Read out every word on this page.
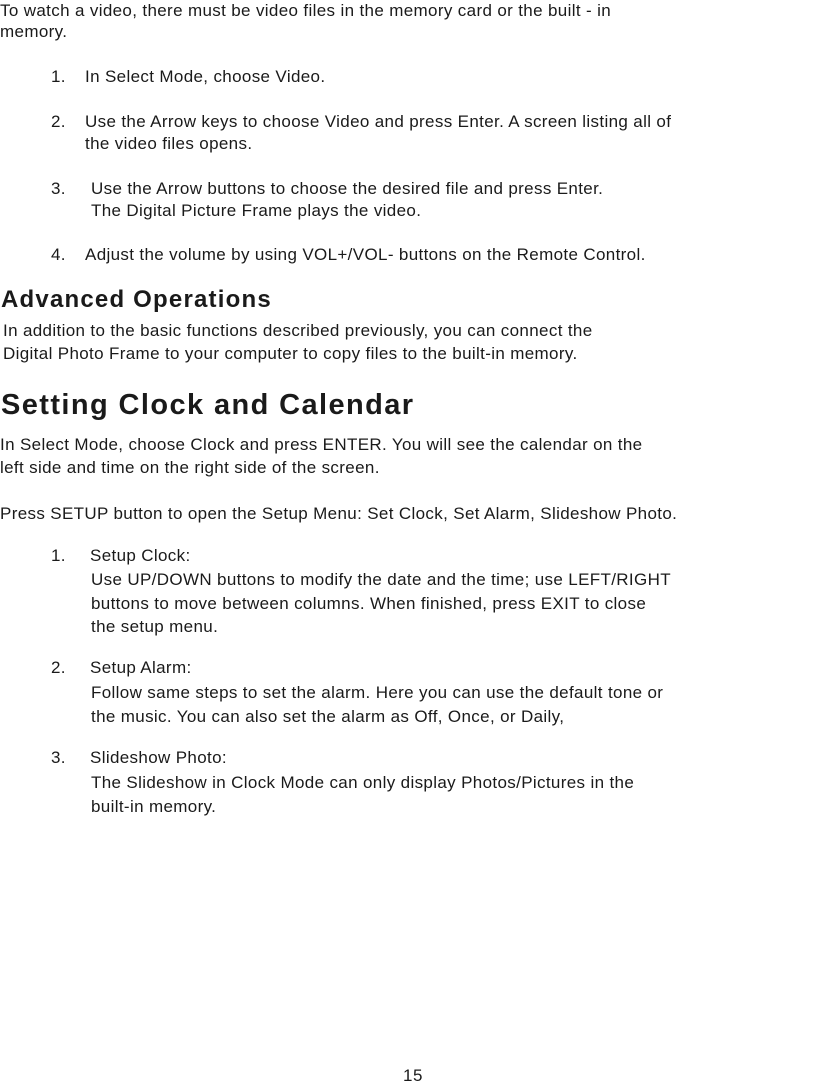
To watch a video, there must be video files in the memory card or the built - in
memory.
1. In Select Mode, choose Video.
2. Use the Arrow keys to choose Video and press Enter. A screen listing all of
the video files opens.
3. Use the Arrow buttons to choose the desired file and press Enter.
The Digital Picture Frame plays the video.
4. Adjust the volume by using VOL+/VOL- buttons on the Remote Control.
Advanced Operations
In addition to the basic functions described previously, you can connect the
Digital Photo Frame to your computer to copy files to the built-in memory.
Setting Clock and Calendar
In Select Mode, choose Clock and press ENTER. You will see the calendar on the
left side and time on the right side of the screen.
Press SETUP button to open the Setup Menu: Set Clock, Set Alarm, Slideshow Photo.
1. Setup Clock:
Use UP/DOWN buttons to modify the date and the time; use LEFT/RIGHT
buttons to move between columns. When finished, press EXIT to close
the setup menu.
2. Setup Alarm:
Follow same steps to set the alarm. Here you can use the default tone or
the music. You can also set the alarm as Off, Once, or Daily,
3. Slideshow Photo:
The Slideshow in Clock Mode can only display Photos/Pictures in the
built-in memory.
15
